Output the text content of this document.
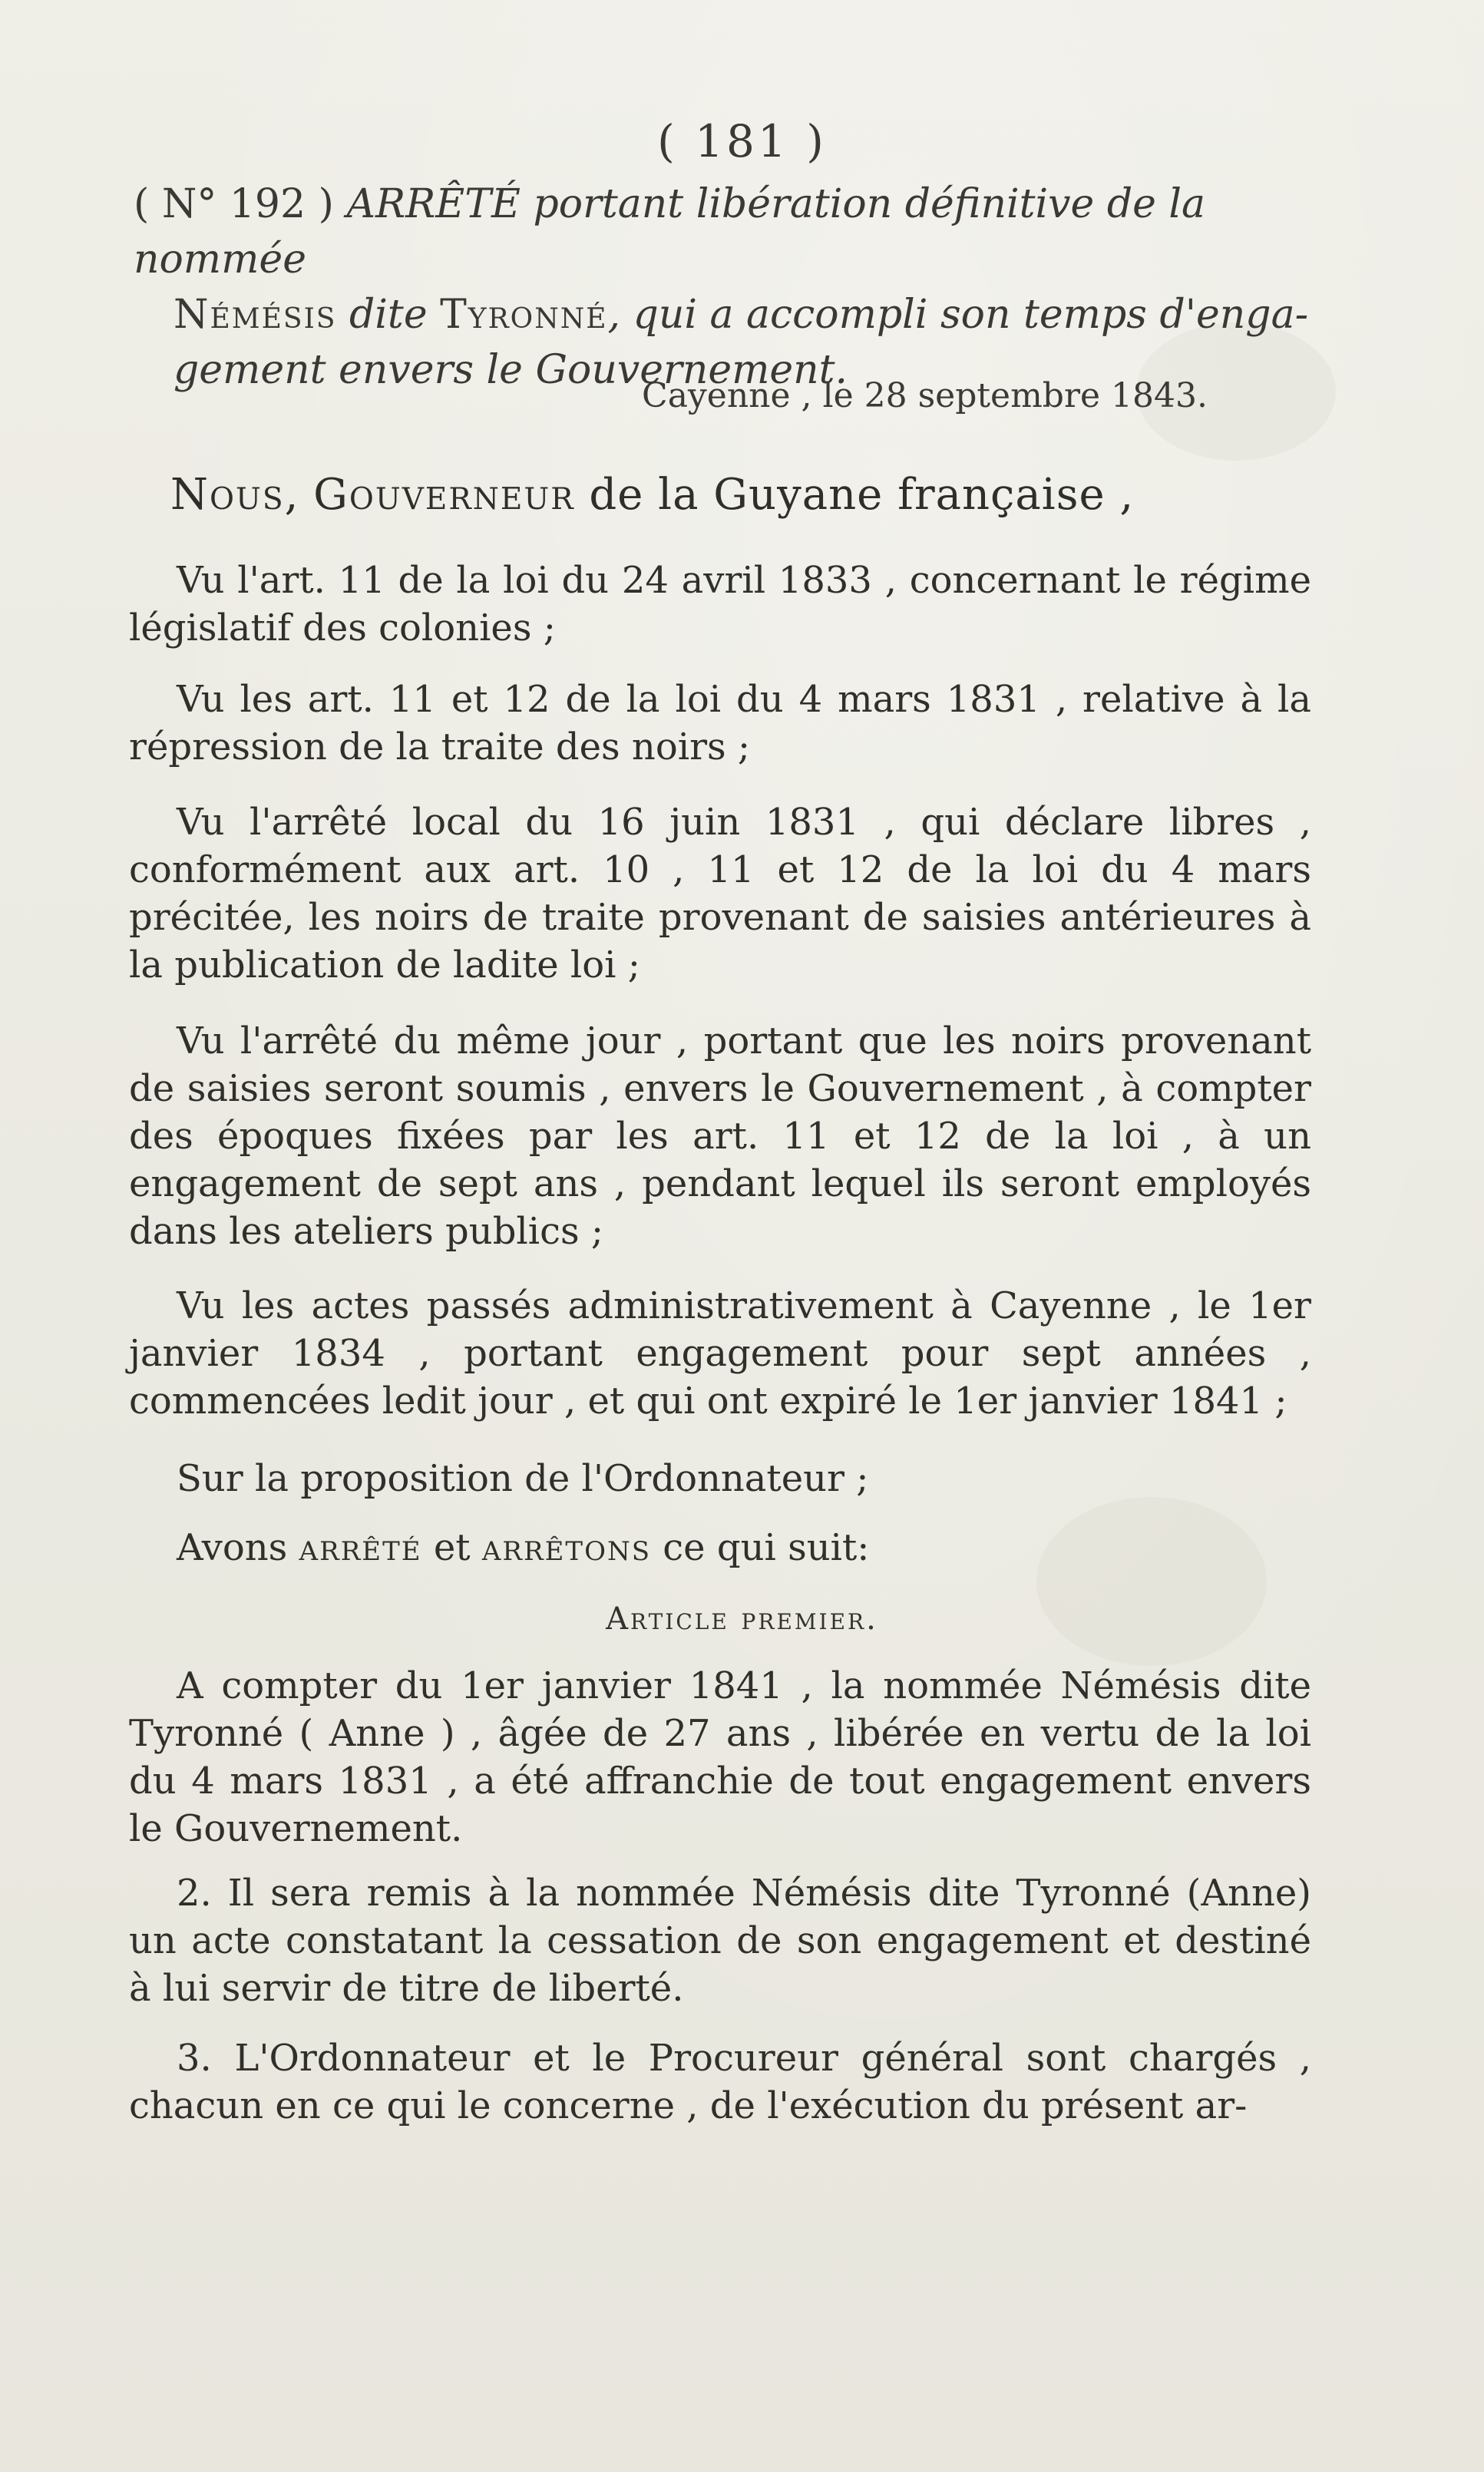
( 181 )
( N° 192 ) ARRÊTÉ portant libération définitive de la nommée
Némésis dite Tyronné, qui a accompli son temps d'enga-
gement envers le Gouvernement.
Cayenne , le 28 septembre 1843.
Nous, Gouverneur de la Guyane française ,
Vu l'art. 11 de la loi du 24 avril 1833 , concernant le régime législatif des colonies ;
Vu les art. 11 et 12 de la loi du 4 mars 1831 , relative à la répression de la traite des noirs ;
Vu l'arrêté local du 16 juin 1831 , qui déclare libres , conformément aux art. 10 , 11 et 12 de la loi du 4 mars précitée, les noirs de traite provenant de saisies antérieures à la publication de ladite loi ;
Vu l'arrêté du même jour , portant que les noirs provenant de saisies seront soumis , envers le Gouvernement , à compter des époques fixées par les art. 11 et 12 de la loi , à un engagement de sept ans , pendant lequel ils seront employés dans les ateliers publics ;
Vu les actes passés administrativement à Cayenne , le 1er janvier 1834 , portant engagement pour sept années , commencées ledit jour , et qui ont expiré le 1er janvier 1841 ;
Sur la proposition de l'Ordonnateur ;
Avons arrêté et arrêtons ce qui suit:
Article premier.
A compter du 1er janvier 1841 , la nommée Némésis dite Tyronné ( Anne ) , âgée de 27 ans , libérée en vertu de la loi du 4 mars 1831 , a été affranchie de tout engagement envers le Gouvernement.
2. Il sera remis à la nommée Némésis dite Tyronné (Anne) un acte constatant la cessation de son engagement et destiné à lui servir de titre de liberté.
3. L'Ordonnateur et le Procureur général sont chargés , chacun en ce qui le concerne , de l'exécution du présent ar-
